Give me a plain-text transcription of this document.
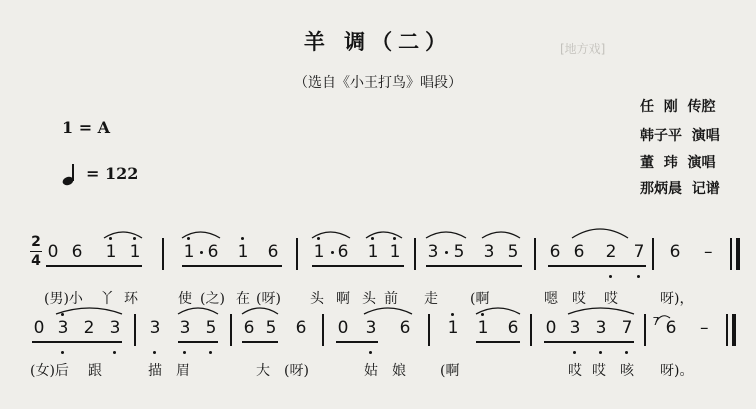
[地方戏]
羊 调（二）
（选自《小王打鸟》唱段）
任  刚 传腔
韩子平 演唱
董  玮 演唱
那炳晨 记谱
1 = A
= 122
2
4 0 6 1 1	1 6 1 6 1 6 1 1 3 5 3 5 6 6 2 7 6 –
(男)小 丫 环	使 (之) 在 (呀) 头 啊 头 前 走 (啊	嗯 哎 哎	呀)，
0 3 2 3 3 3 5 6 5 6 0 3 6 1 1 6 0 3 3 7 7 6 –
(女)后 跟	描 眉	大 (呀)	姑 娘 (啊	哎 哎 咳 呀)。
